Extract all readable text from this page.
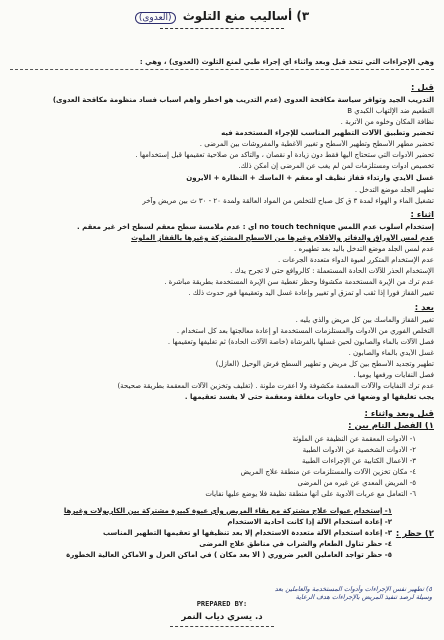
٣) أساليب منع التلوث (العدوى)
وهي الإجراءات التي تتخذ قبل وبعد وأثناء أي إجراء طبي لمنع التلوث (العدوى) ، وهي :
قبل :
التدريب الجيد وتوافر سياسة مكافحة العدوى (عدم التدريب هو أخطر وأهم أسباب فساد منظومة مكافحة العدوى)
التطعيم ضد الإلتهاب الكبدي B
نظافة المكان وخلوه من الأتربة .
تحضير وتطبيق الآلات التطهير المناسب للإجراء المستخدمة فيه
تحضير مطهر الأسطح وتطهير الأسطح و تغيير الأغطية والمفروشات بين المرضى .
تحضير الأدوات التي ستحتاج اليها فقط دون زيادة أو نقصان ، والتأكد من صلاحية تعقيمها قبل إستخدامها .
تخصيص أدوات ومستلزمات لمن لم يغب عن المرضى إن أمكن ذلك.
غسل الأيدي وارتداء قفاز نظيف أو معقم + الماسك + النظارة + الأيرون
تطهير الجلد موضع التدخل .
تشغيل الماء و الهواء لمدة ٣ ق كل صباح للتخلص من المواد العالقة ولمدة ٢٠ - ٣٠ ث بين مريض وآخر
أثناء :
إستخدام أسلوب عدم اللمس no touch technique أي : عدم ملامسة سطح معقم لسطح آخر غير معقم .
عدم لمس الأوراق والدفاتر والأقلام وغيرها من الأسطح المشتركة وغيرها بالقفاز الملوث
عدم لمس الجلد موضع التدخل باليد بعد تطهيره .
عدم الإستخدام المتكرر لعبوة الدواء متعددة الجرعات .
الإستخدام الحذر للآلات الحادة المستعملة : كالروافع حتى لا تجرح يدك .
عدم ترك من الإبرة المستخدمة مكشوفا وحظر تغطية سن الإبرة المستخدمة بطريقة مباشرة .
تغيير القفاز فورا إذا ثقب أو تمزق أو تغيير وإعادة غسل اليد وتعقيمها فور حدوث ذلك .
بعد :
تغيير القفاز والماسك بين كل مريض والذي يليه .
التخلص الفوري من الأدوات والمستلزمات المستخدمة أو إعادة معالجتها بعد كل استخدام .
فصل الآلات بالماء والصابون لحين غسلها بالفرشاة (خاصة الآلات الحادة) ثم تغليفها وتعقيمها .
غسل الأيدي بالماء والصابون .
تطهير وتجديد الأسطح بين كل مريض و تطهير السطح فرش الوحيل (العازل)
فصل النفايات ورفعها يوميا .
عدم ترك النفايات والآلات المعقمة مكشوفة ولا أعقرت ملونة . (تغليف وتخزين الآلات المعقمة بطريقة صحيحة)
يجب تغليفها أو وضعها في حاويات مغلقة ومعقمة حتى لا يفسد تعقيمها .
قبل وبعد وأثناء :
١) الفصل التام بين :
١- الأدوات المعقمة عن النظيفة عن الملوثة
٢- الأدوات الشخصية عن الأدوات الطبية
٣- الأعمال الكتابية عن الإجراءات الطبية
٤- مكان تخزين الآلات والمستلزمات عن منطقة علاج المريض
٥- المريض المعدي عن غيره من المرضى
٦- التعامل مع عربات الأدوية على أنها منطقة نظيفة فلا يوضع عليها نفايات
٢) حظر :
١- إستخدام عبوات علاج مشتركة مع بقاء المريض وأي عبوة كبيرة مشتركة بين الكاربولات وغيرها
٢- إعادة استخدام الآلة إذا كانت أحادية الاستخدام
٣- إعادة استخدام الآلة متعددة الاستخدام إلا بعد تنظيفها أو تعقيمها التطهير المناسب
٤- حظر تناول الطعام والشراب في مناطق علاج المرضى
٥- حظر تواجد العاملين الغير ضروري ( ألا بعد مكان ) في أماكن العزل و الأماكن العالية الخطورة
٥) تطهير نفس الإجراءات وأدوات المستخدمة والعاملين بعد
وسيلة لرصد تنفيذ المريض بالإجراءات هدف الرعاية
PREPARED BY:
د. يسري دياب النمر
